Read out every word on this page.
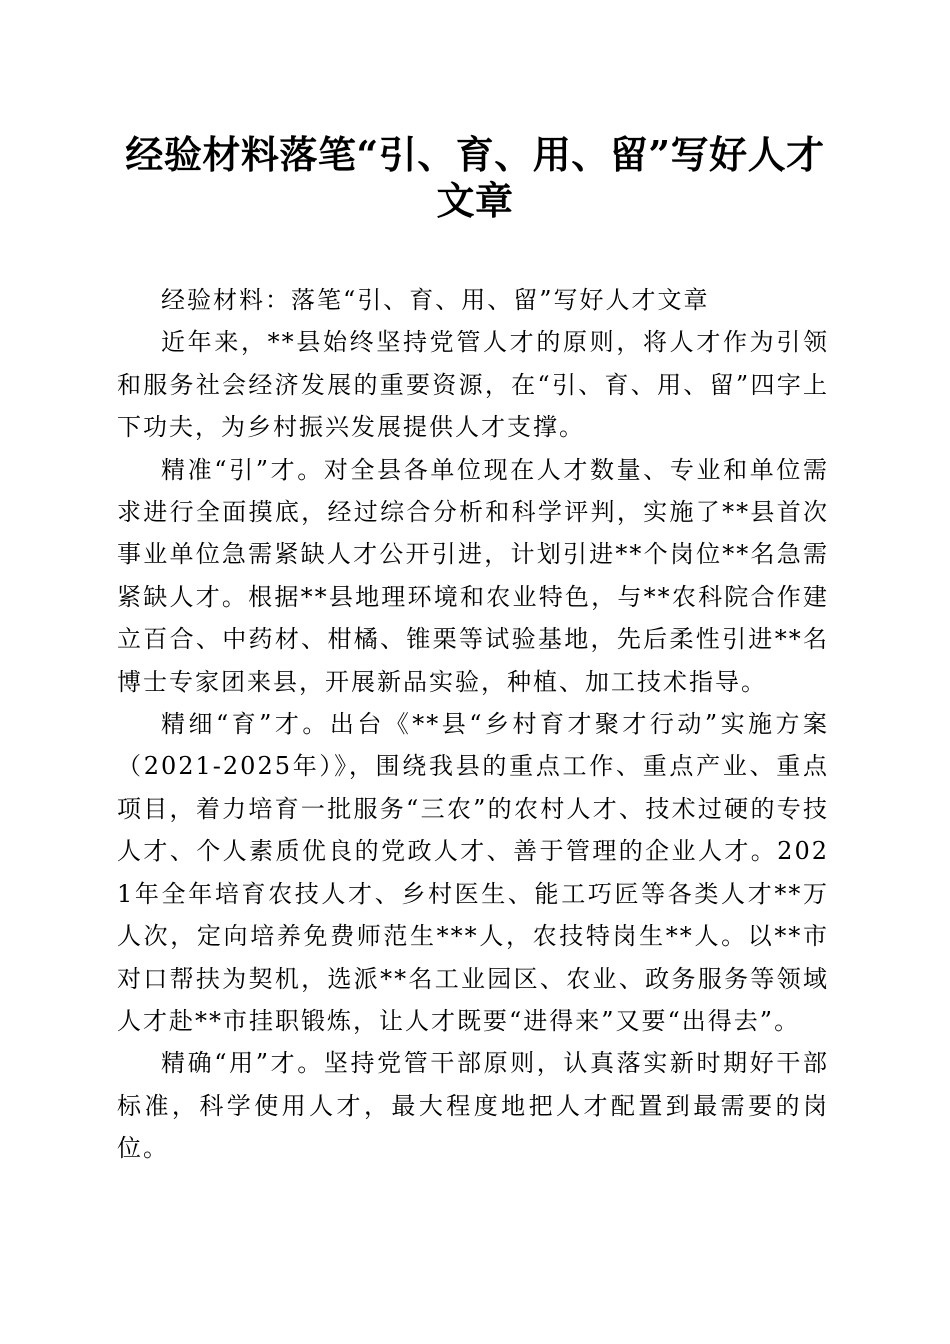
经验材料落笔“引、育、用、留”写好人才文章

经验材料：落笔“引、育、用、留”写好人才文章

近年来，**县始终坚持党管人才的原则，将人才作为引领和服务社会经济发展的重要资源，在“引、育、用、留”四字上下功夫，为乡村振兴发展提供人才支撑。

精准“引”才。对全县各单位现在人才数量、专业和单位需求进行全面摸底，经过综合分析和科学评判，实施了**县首次事业单位急需紧缺人才公开引进，计划引进**个岗位**名急需紧缺人才。根据**县地理环境和农业特色，与**农科院合作建立百合、中药材、柑橘、锥栗等试验基地，先后柔性引进**名博士专家团来县，开展新品实验，种植、加工技术指导。

精细“育”才。出台《**县“乡村育才聚才行动”实施方案（2021-2025年）》，围绕我县的重点工作、重点产业、重点项目，着力培育一批服务“三农”的农村人才、技术过硬的专技人才、个人素质优良的党政人才、善于管理的企业人才。2021年全年培育农技人才、乡村医生、能工巧匠等各类人才**万人次，定向培养免费师范生***人，农技特岗生**人。以**市对口帮扶为契机，选派**名工业园区、农业、政务服务等领域人才赴**市挂职锻炼，让人才既要“进得来”又要“出得去”。

精确“用”才。坚持党管干部原则，认真落实新时期好干部标准，科学使用人才，最大程度地把人才配置到最需要的岗位。
